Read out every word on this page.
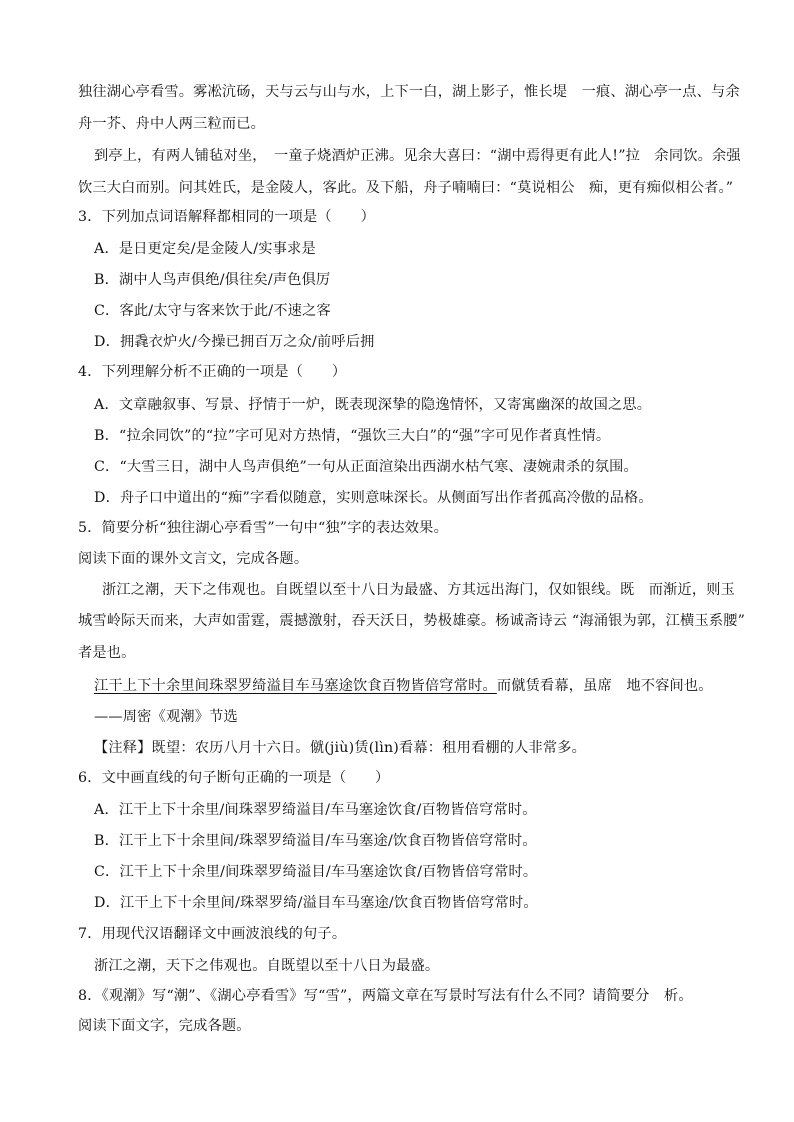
独往湖心亭看雪。雾凇沆砀，天与云与山与水，上下一白，湖上影子，惟长堤　一痕、湖心亭一点、与余
舟一芥、舟中人两三粒而已。
到亭上，有两人铺毡对坐，　一童子烧酒炉正沸。见余大喜曰：“湖中焉得更有此人!”拉　余同饮。余强
饮三大白而别。问其姓氏，是金陵人，客此。及下船，舟子喃喃曰：“莫说相公　痴，更有痴似相公者。”
3．下列加点词语解释都相同的一项是（　　）
A．是日更定矣/是金陵人/实事求是
B．湖中人鸟声俱绝/俱往矣/声色俱厉
C．客此/太守与客来饮于此/不速之客
D．拥毳衣炉火/今操已拥百万之众/前呼后拥
4．下列理解分析不正确的一项是（　　）
A．文章融叙事、写景、抒情于一炉，既表现深挚的隐逸情怀，又寄寓幽深的故国之思。
B．“拉余同饮”的“拉”字可见对方热情，“强饮三大白”的“强”字可见作者真性情。
C．“大雪三日，湖中人鸟声俱绝”一句从正面渲染出西湖水枯气寒、凄婉肃杀的氛围。
D．舟子口中道出的“痴”字看似随意，实则意味深长。从侧面写出作者孤高冷傲的品格。
5．简要分析“独往湖心亭看雪”一句中“独”字的表达效果。
阅读下面的课外文言文，完成各题。
浙江之潮，天下之伟观也。自既望以至十八日为最盛、方其远出海门，仅如银线。既　而渐近，则玉
城雪岭际天而来，大声如雷霆，震撼激射，吞天沃日，势极雄豪。杨诚斋诗云 “海涌银为郭，江横玉系腰”
者是也。
江干上下十余里间珠翠罗绮溢目车马塞途饮食百物皆倍穹常时。而僦赁看幕，虽席　地不容间也。
——周密《观潮》节选
【注释】既望：农历八月十六日。僦(jiù)赁(lìn)看幕：租用看棚的人非常多。
6．文中画直线的句子断句正确的一项是（　　）
A．江干上下十余里/间珠翠罗绮溢目/车马塞途饮食/百物皆倍穹常时。
B．江干上下十余里间/珠翠罗绮溢目/车马塞途/饮食百物皆倍穹常时。
C．江干上下十余里/间珠翠罗绮溢目/车马塞途饮食/百物皆倍穹常时。
D．江干上下十余里间/珠翠罗绮/溢目车马塞途/饮食百物皆倍穹常时。
7．用现代汉语翻译文中画波浪线的句子。
浙江之潮，天下之伟观也。自既望以至十八日为最盛。
8．《观潮》写“潮”、《湖心亭看雪》写“雪”，两篇文章在写景时写法有什么不同？请简要分　析。
阅读下面文字，完成各题。
